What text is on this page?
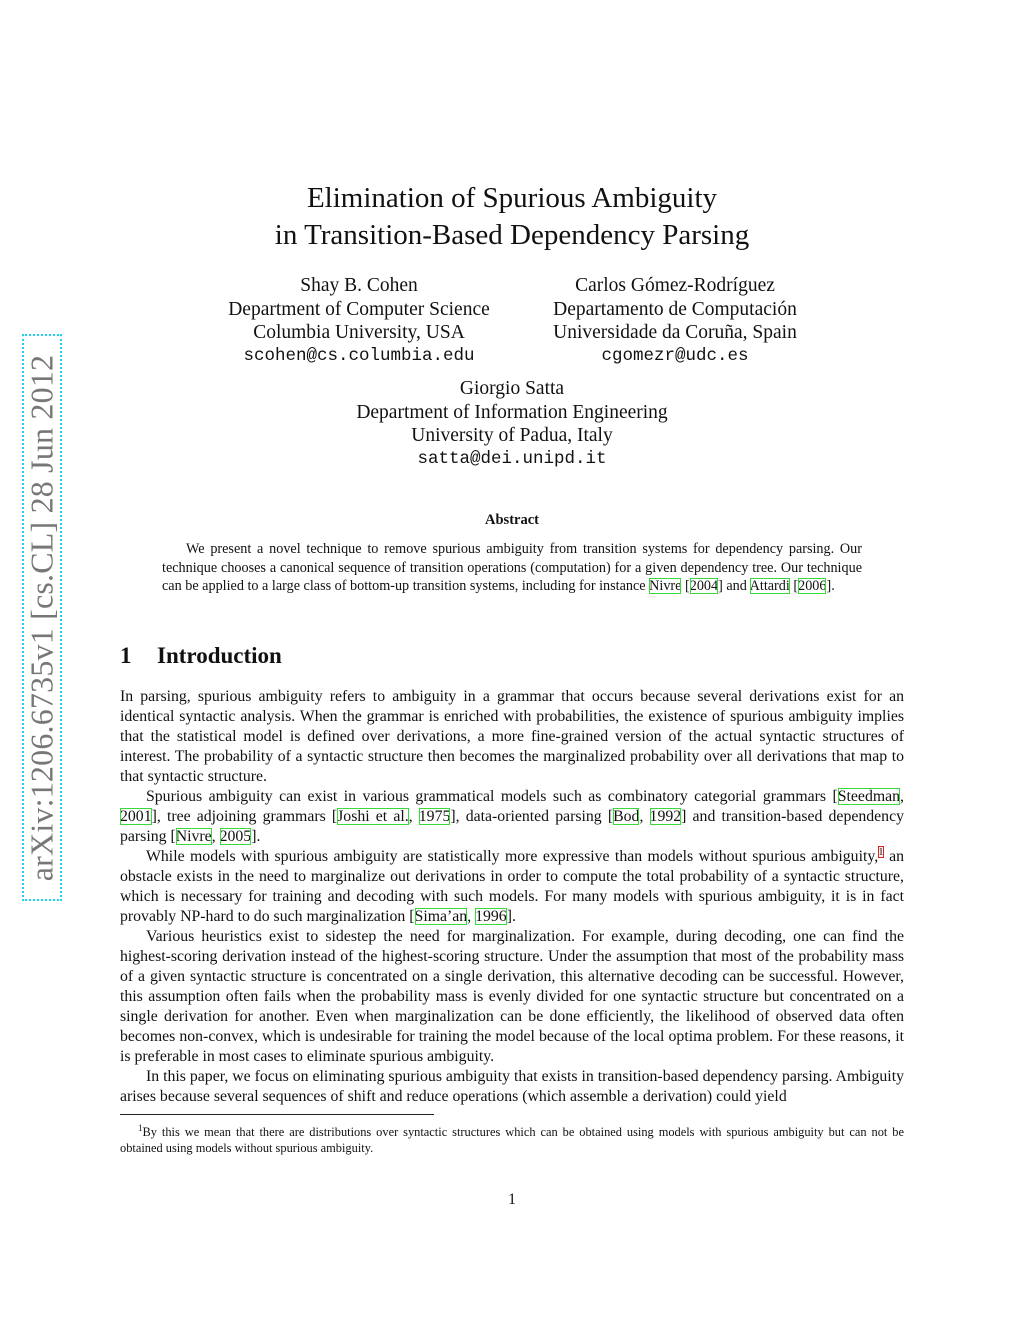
arXiv:1206.6735v1 [cs.CL] 28 Jun 2012
Elimination of Spurious Ambiguity
in Transition-Based Dependency Parsing
Shay B. Cohen
Department of Computer Science
Columbia University, USA
scohen@cs.columbia.edu
Carlos Gómez-Rodríguez
Departamento de Computación
Universidade da Coruña, Spain
cgomezr@udc.es
Giorgio Satta
Department of Information Engineering
University of Padua, Italy
satta@dei.unipd.it
Abstract
We present a novel technique to remove spurious ambiguity from transition systems for dependency parsing. Our technique chooses a canonical sequence of transition operations (computation) for a given dependency tree. Our technique can be applied to a large class of bottom-up transition systems, including for instance Nivre [2004] and Attardi [2006].
1 Introduction

In parsing, spurious ambiguity refers to ambiguity in a grammar that occurs because several derivations exist for an identical syntactic analysis. When the grammar is enriched with probabilities, the existence of spurious ambiguity implies that the statistical model is defined over derivations, a more fine-grained version of the actual syntactic structures of interest. The probability of a syntactic structure then becomes the marginalized probability over all derivations that map to that syntactic structure.

Spurious ambiguity can exist in various grammatical models such as combinatory categorial grammars [Steedman, 2001], tree adjoining grammars [Joshi et al., 1975], data-oriented parsing [Bod, 1992] and transition-based dependency parsing [Nivre, 2005].

While models with spurious ambiguity are statistically more expressive than models without spurious ambiguity,$^1$ an obstacle exists in the need to marginalize out derivations in order to compute the total probability of a syntactic structure, which is necessary for training and decoding with such models. For many models with spurious ambiguity, it is in fact provably NP-hard to do such marginalization [Sima’an, 1996].

Various heuristics exist to sidestep the need for marginalization. For example, during decoding, one can find the highest-scoring derivation instead of the highest-scoring structure. Under the assumption that most of the probability mass of a given syntactic structure is concentrated on a single derivation, this alternative decoding can be successful. However, this assumption often fails when the probability mass is evenly divided for one syntactic structure but concentrated on a single derivation for another. Even when marginalization can be done efficiently, the likelihood of observed data often becomes non-convex, which is undesirable for training the model because of the local optima problem. For these reasons, it is preferable in most cases to eliminate spurious ambiguity.

In this paper, we focus on eliminating spurious ambiguity that exists in transition-based dependency parsing. Ambiguity arises because several sequences of shift and reduce operations (which assemble a derivation) could yield

$^1$By this we mean that there are distributions over syntactic structures which can be obtained using models with spurious ambiguity but can not be obtained using models without spurious ambiguity.
1
